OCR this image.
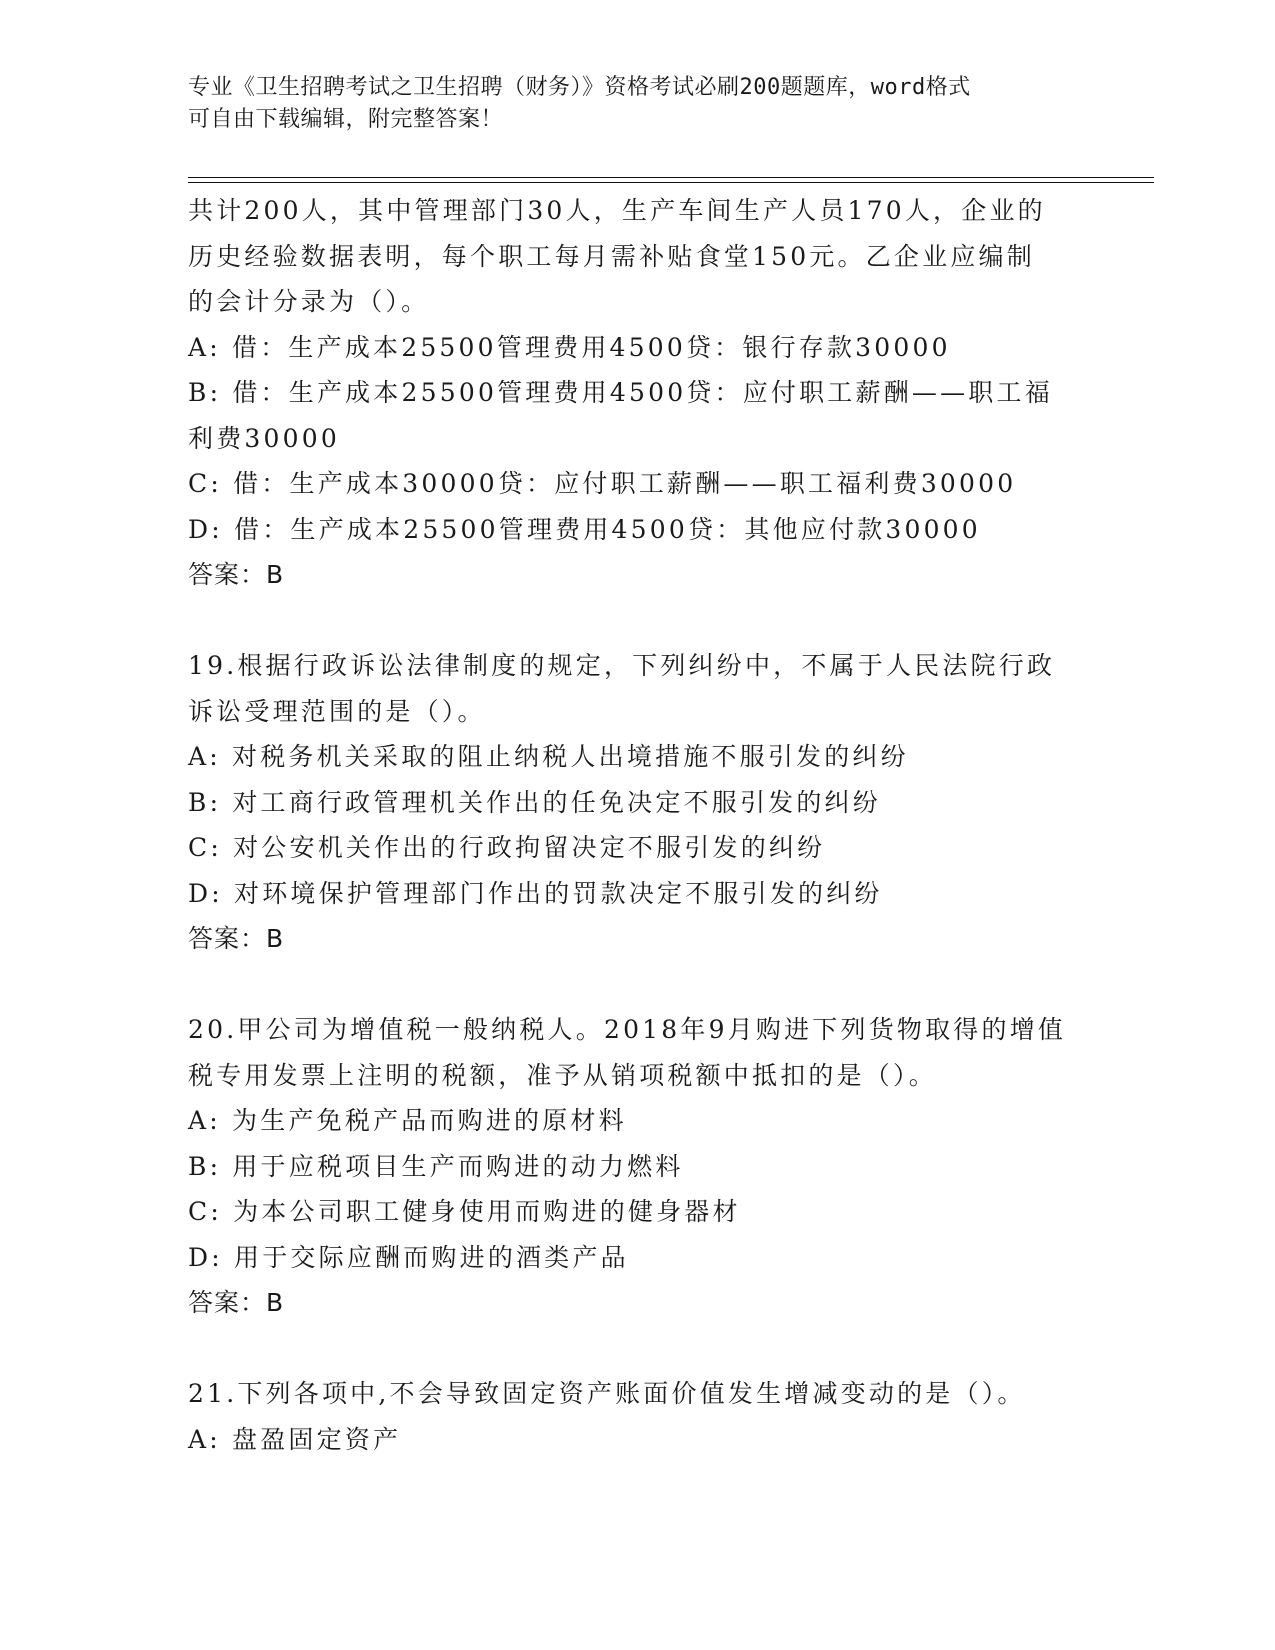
专业《卫生招聘考试之卫生招聘（财务）》资格考试必刷200题题库，word格式
可自由下载编辑，附完整答案！
共计200人，其中管理部门30人，生产车间生产人员170人，企业的
历史经验数据表明，每个职工每月需补贴食堂150元。乙企业应编制
的会计分录为（）。
A: 借：生产成本25500管理费用4500贷：银行存款30000
B: 借：生产成本25500管理费用4500贷：应付职工薪酬——职工福
利费30000
C: 借：生产成本30000贷：应付职工薪酬——职工福利费30000
D: 借：生产成本25500管理费用4500贷：其他应付款30000
答案：B
19.根据行政诉讼法律制度的规定，下列纠纷中，不属于人民法院行政
诉讼受理范围的是（）。
A: 对税务机关采取的阻止纳税人出境措施不服引发的纠纷
B: 对工商行政管理机关作出的任免决定不服引发的纠纷
C: 对公安机关作出的行政拘留决定不服引发的纠纷
D: 对环境保护管理部门作出的罚款决定不服引发的纠纷
答案：B
20.甲公司为增值税一般纳税人。2018年9月购进下列货物取得的增值
税专用发票上注明的税额，准予从销项税额中抵扣的是（）。
A: 为生产免税产品而购进的原材料
B: 用于应税项目生产而购进的动力燃料
C: 为本公司职工健身使用而购进的健身器材
D: 用于交际应酬而购进的酒类产品
答案：B
21.下列各项中,不会导致固定资产账面价值发生增减变动的是（）。
A: 盘盈固定资产
